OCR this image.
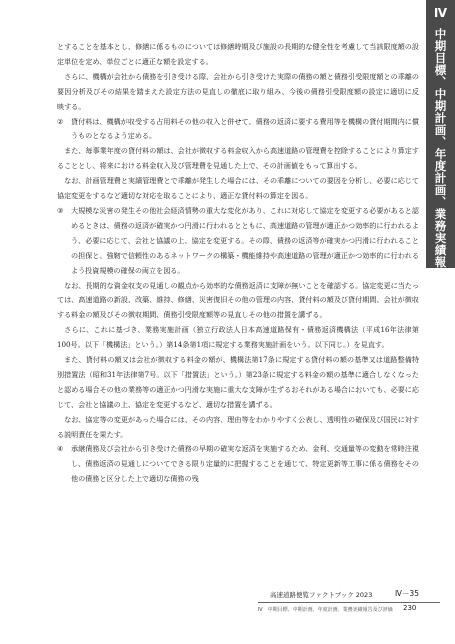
Ⅳ
中期目標、中期計画、年度計画、業務実績報告及び評価

とすることを基本とし、修繕に係るものについては修繕時期及び施設の長期的な健全性を考慮して当該限度額の設定単位を定め、単位ごとに適正な額を設定する。

さらに、機構が会社から債務を引き受ける際、会社から引き受けた実際の債務の額と債務引受限度額との乖離の要因分析及びその結果を踏まえた設定方法の見直しの徹底に取り組み、今後の債務引受限度額の設定に適切に反映する。

②	貸付料は、機構が収受する占用料その他の収入と併せて、債務の返済に要する費用等を機構の貸付期間内に償うものとなるよう定める。

また、毎事業年度の貸付料の額は、会社が徴収する料金収入から高速道路の管理費を控除することにより算定することとし、将来における料金収入及び管理費を見通した上で、その計画値をもって算出する。

なお、計画管理費と実績管理費とで乖離が発生した場合には、その乖離についての要因を分析し、必要に応じて協定変更をするなど適切な対応を取ることにより、適正な貸付料の算定を図る。

③	大規模な災害の発生その他社会経済情勢の重大な変化があり、これに対応して協定を変更する必要があると認めるときは、債務の返済が確実かつ円滑に行われるとともに、高速道路の管理が適正かつ効率的に行われるよう、必要に応じて、会社と協議の上、協定を変更する。その際、債務の返済等が確実かつ円滑に行われることの担保と、強靭で信頼性のあるネットワークの構築・機能維持や高速道路の管理が適正かつ効率的に行われるよう投資規模の確保の両立を図る。

なお、長期的な資金収支の見通しの観点から効率的な債務返済に支障が無いことを確認する。協定変更に当たっては、高速道路の新設、改築、維持、修繕、災害復旧その他の管理の内容、貸付料の額及び貸付期間、会社が徴収する料金の額及びその徴収期間、債務引受限度額等の見直しその他の措置を講ずる。

さらに、これに基づき、業務実施計画（独立行政法人日本高速道路保有・債務返済機構法（平成16年法律第100号。以下「機構法」という。）第14条第1項に規定する業務実施計画をいう。以下同じ。）を見直す。

また、貸付料の額又は会社が徴収する料金の額が、機構法第17条に規定する貸付料の額の基準又は道路整備特別措置法（昭和31年法律第7号。以下「措置法」という。）第23条に規定する料金の額の基準に適合しなくなったと認める場合その他の業務等の適正かつ円滑な実施に重大な支障が生ずるおそれがある場合においても、必要に応じて、会社と協議の上、協定を変更するなど、適切な措置を講ずる。

なお、協定等の変更があった場合には、その内容、理由等をわかりやすく公表し、透明性の確保及び国民に対する説明責任を果たす。

④	承継債務及び会社から引き受けた債務の早期の確実な返済を実施するため、金利、交通量等の変動を常時注視し、債務返済の見通しについてできる限り定量的に把握することを通じて、特定更新等工事に係る債務をその他の債務と区分した上で適切な債務の残
高速道路便覧ファクトブック 2023	Ⅳ－35
Ⅳ　中期目標、中期計画、年度計画、業務実績報告及び評価 230
